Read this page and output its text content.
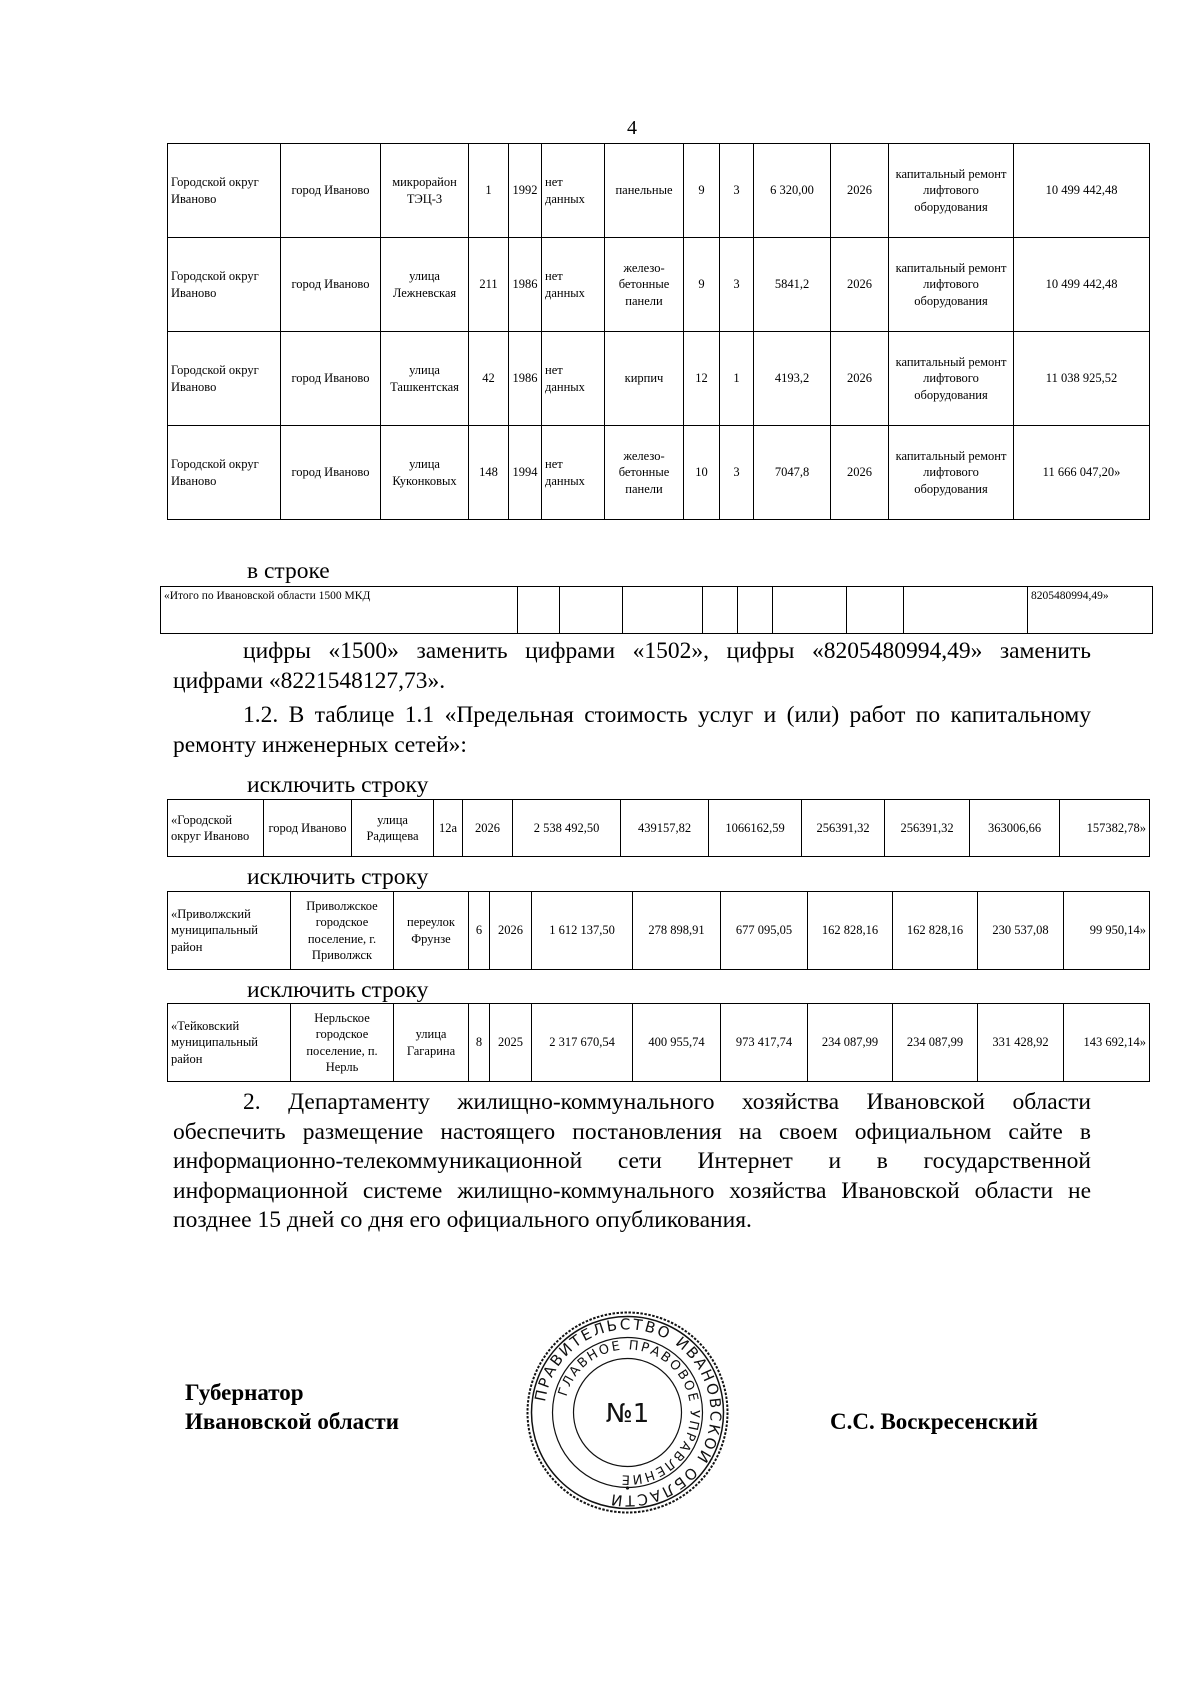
4
Городской округ Иваново	город Иваново	микрорайон ТЭЦ-3	1	1992	нет данных	панельные	9	3	6 320,00	2026	капитальный ремонт лифтового оборудования	10 499 442,48
Городской округ Иваново	город Иваново	улица Лежневская	211	1986	нет данных	железо-бетонные панели	9	3	5841,2	2026	капитальный ремонт лифтового оборудования	10 499 442,48
Городской округ Иваново	город Иваново	улица Ташкентская	42	1986	нет данных	кирпич	12	1	4193,2	2026	капитальный ремонт лифтового оборудования	11 038 925,52
Городской округ Иваново	город Иваново	улица Куконковых	148	1994	нет данных	железо-бетонные панели	10	3	7047,8	2026	капитальный ремонт лифтового оборудования	11 666 047,20»
в строке
«Итого по Ивановской области 1500 МКД									8205480994,49»
цифры «1500» заменить цифрами «1502», цифры «8205480994,49» заменить цифрами «8221548127,73».
1.2. В таблице 1.1 «Предельная стоимость услуг и (или) работ по капитальному ремонту инженерных сетей»:
исключить строку
«Городской округ Иваново	город Иваново	улица Радищева	12а	2026	2 538 492,50	439157,82	1066162,59	256391,32	256391,32	363006,66	157382,78»
исключить строку
«Приволжский муниципальный район	Приволжское городское поселение, г. Приволжск	переулок Фрунзе	6	2026	1 612 137,50	278 898,91	677 095,05	162 828,16	162 828,16	230 537,08	99 950,14»
исключить строку
«Тейковский муниципальный район	Нерльское городское поселение, п. Нерль	улица Гагарина	8	2025	2 317 670,54	400 955,74	973 417,74	234 087,99	234 087,99	331 428,92	143 692,14»
2. Департаменту жилищно-коммунального хозяйства Ивановской области обеспечить размещение настоящего постановления на своем официальном сайте в информационно-телекоммуникационной сети Интернет и в государственной информационной системе жилищно-коммунального хозяйства Ивановской области не позднее 15 дней со дня его официального опубликования.
Губернатор
Ивановской области	С.С. Воскресенский
ПРАВИТЕЛЬСТВО ИВАНОВСКОЙ ОБЛАСТИ
ГЛАВНОЕ ПРАВОВОЕ УПРАВЛЕНИЕ
№1
